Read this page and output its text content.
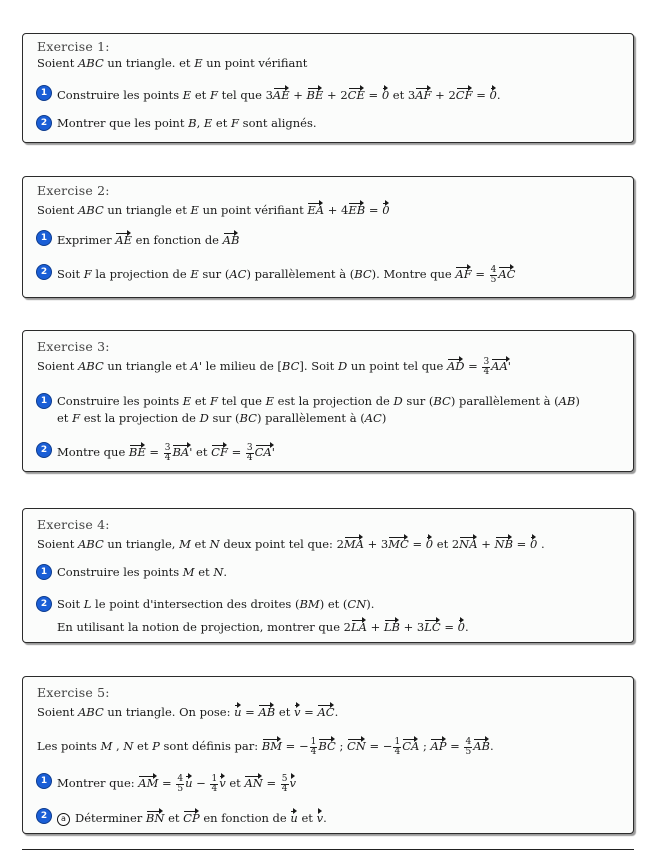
Exercise 1:
Soient ABC un triangle. et E un point vérifiant
1 Construire les points E et F tel que 3AE + BE + 2CE = 0 et 3AF + 2CF = 0.
2 Montrer que les point B, E et F sont alignés.
Exercise 2:
Soient ABC un triangle et E un point vérifiant EA + 4EB = 0
1 Exprimer AE en fonction de AB
2 Soit F la projection de E sur (AC) parallèlement à (BC). Montre que AF = $\frac{4}{5}$ AC
Exercise 3:
Soient ABC un triangle et A' le milieu de [BC]. Soit D un point tel que AD = $\frac{3}{4} AA'$
1 Construire les points E et F tel que E est la projection de D sur (BC) parallèlement à (AB)
et F est la projection de D sur (BC) parallèlement à (AC)
2 Montre que BE = $\frac{3}{4} BA'$ et CF = $\frac{3}{4} CA'$
Exercise 4:
Soient ABC un triangle, M et N deux point tel que: 2MA + 3MC = 0 et 2NA + NB = 0 .
1 Construire les points M et N.
2 Soit L le point d'intersection des droites (BM) et (CN).
En utilisant la notion de projection, montrer que 2LA + LB + 3LC = 0.
Exercise 5:
Soient ABC un triangle. On pose: u = AB et v = AC.
Les points M , N et P sont définis par: BM = − $\frac{1}{4}$ BC ; CN = − $\frac{1}{4}$ CA ; AP = $\frac{4}{5}$ AB.
1 Montrer que: AM = $\frac{4}{5}$ $u - \frac{1}{4}$ v et AN = $\frac{5}{4}$ v
2	a Déterminer BN et CP en fonction de u et v.
